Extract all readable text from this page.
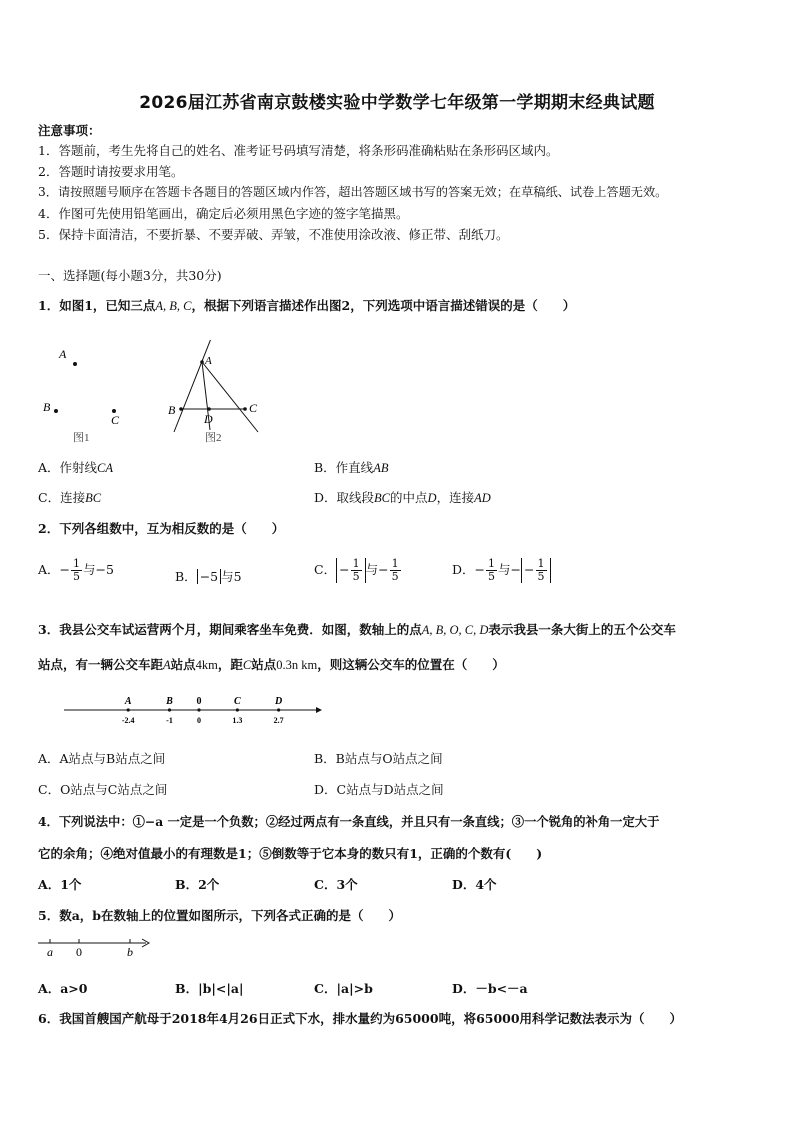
2026届江苏省南京鼓楼实验中学数学七年级第一学期期末经典试题
注意事项：
1．答题前，考生先将自己的姓名、准考证号码填写清楚，将条形码准确粘贴在条形码区域内。
2．答题时请按要求用笔。
3．请按照题号顺序在答题卡各题目的答题区域内作答，超出答题区域书写的答案无效；在草稿纸、试卷上答题无效。
4．作图可先使用铅笔画出，确定后必须用黑色字迹的签字笔描黑。
5．保持卡面清洁，不要折暴、不要弄破、弄皱，不准使用涂改液、修正带、刮纸刀。
一、选择题(每小题3分，共30分)
1．如图1，已知三点A, B, C，根据下列语言描述作出图2，下列选项中语言描述错误的是（　　）
A
B
C
图1
A
B	C
D
图2
A．作射线CA	B．作直线AB
C．连接BC	D．取线段BC的中点D，连接AD
2．下列各组数中，互为相反数的是（　　）
A．− $\frac{1}{5}$ 与−5	B． −5 与5	C． − $\frac{1}{5}$ 与− $\frac{1}{5}$	D．− $\frac{1}{5}$ 与− − $\frac{1}{5}$
3．我县公交车试运营两个月，期间乘客坐车免费．如图，数轴上的点A, B, O, C, D表示我县一条大街上的五个公交车
站点，有一辆公交车距A站点4km，距C站点0.3n km，则这辆公交车的位置在（　　）
A
-2.4
B
-1
0
0
C
1.3
D
2.7
A．A站点与B站点之间	B．B站点与O站点之间
C．O站点与C站点之间	D．C站点与D站点之间
4．下列说法中：①−a 一定是一个负数；②经过两点有一条直线，并且只有一条直线；③一个锐角的补角一定大于
它的余角；④绝对值最小的有理数是1；⑤倒数等于它本身的数只有1，正确的个数有(　　)
A．1个	B．2个	C．3个	D．4个
5．数a，b在数轴上的位置如图所示，下列各式正确的是（　　）
a 0	b
A．a>0	B．|b|<|a|	C．|a|>b	D．－b<－a
6．我国首艘国产航母于2018年4月26日正式下水，排水量约为65000吨，将65000用科学记数法表示为（　　）
